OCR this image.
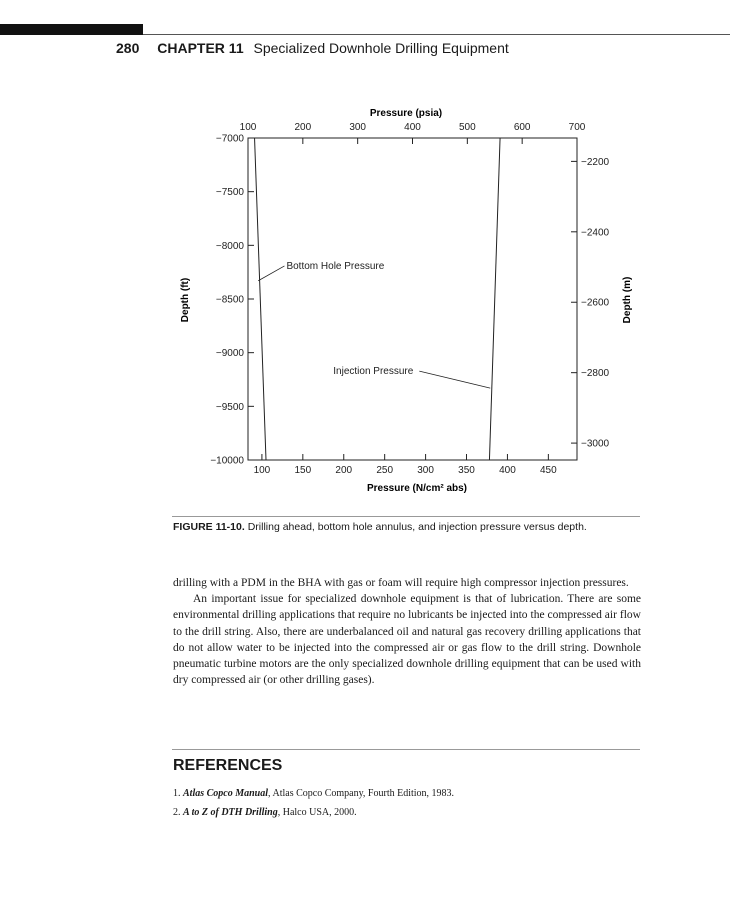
280 CHAPTER 11 Specialized Downhole Drilling Equipment
Pressure (psia)
100	200	300	400	500	600	700
100 150 200 250 300 350 400 450
−7000
−7500
−8000
−8500
−9000
−9500
−10000
−2200
−2400
−2600
−2800
−3000
Bottom Hole Pressure
Injection Pressure
Pressure (N/cm² abs)
Depth (ft)	Depth (m)
FIGURE 11-10. Drilling ahead, bottom hole annulus, and injection pressure versus depth.

drilling with a PDM in the BHA with gas or foam will require high compressor injection pressures.

An important issue for specialized downhole equipment is that of lubrication. There are some environmental drilling applications that require no lubricants be injected into the compressed air flow to the drill string. Also, there are underbalanced oil and natural gas recovery drilling applications that do not allow water to be injected into the compressed air or gas flow to the drill string. Downhole pneumatic turbine motors are the only specialized downhole drilling equipment that can be used with dry compressed air (or other drilling gases).

REFERENCES
1. Atlas Copco Manual, Atlas Copco Company, Fourth Edition, 1983.
2. A to Z of DTH Drilling, Halco USA, 2000.
